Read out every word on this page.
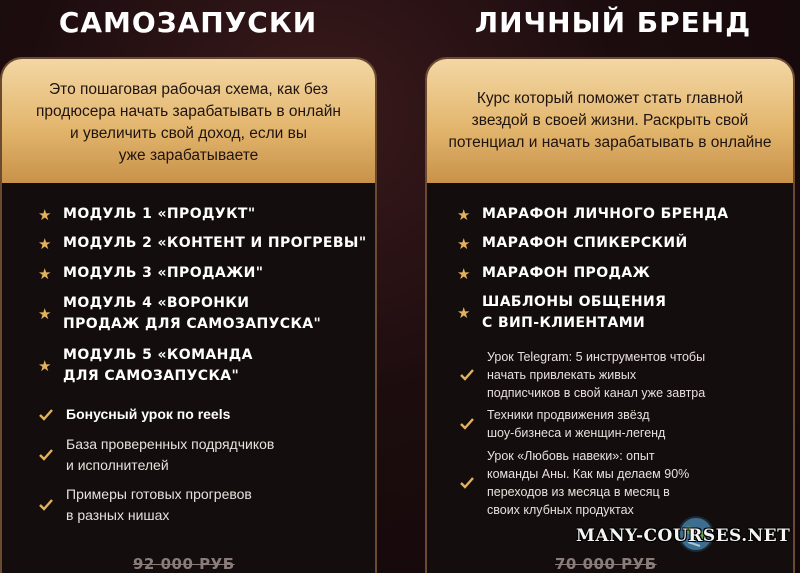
САМОЗАПУСКИ
Это пошаговая рабочая схема, как без
продюсера начать зарабатывать в онлайн
и увеличить свой доход, если вы
уже зарабатываете
★ МОДУЛЬ 1 «ПРОДУКТ"
★ МОДУЛЬ 2 «КОНТЕНТ И ПРОГРЕВЫ"
★ МОДУЛЬ 3 «ПРОДАЖИ"
★
МОДУЛЬ 4 «ВОРОНКИ
ПРОДАЖ ДЛЯ САМОЗАПУСКА"
★
МОДУЛЬ 5 «КОМАНДА
ДЛЯ САМОЗАПУСКА"
Бонусный урок по reels
База проверенных подрядчиков
и исполнителей
Примеры готовых прогревов
в разных нишах
92 000 РУБ
ЛИЧНЫЙ БРЕНД
Курс который поможет стать главной
звездой в своей жизни. Раскрыть свой
потенциал и начать зарабатывать в онлайне
★ МАРАФОН ЛИЧНОГО БРЕНДА
★ МАРАФОН СПИКЕРСКИЙ
★ МАРАФОН ПРОДАЖ
★
ШАБЛОНЫ ОБЩЕНИЯ
С ВИП-КЛИЕНТАМИ
Урок Telegram: 5 инструментов чтобы
начать привлекать живых
подписчиков в свой канал уже завтра
Техники продвижения звёзд
шоу-бизнеса и женщин-легенд
Урок «Любовь навеки»: опыт
команды Аны. Как мы делаем 90%
переходов из месяца в месяц в
своих клубных продуктах
70 000 РУБ
MANY-COURSES.NET
